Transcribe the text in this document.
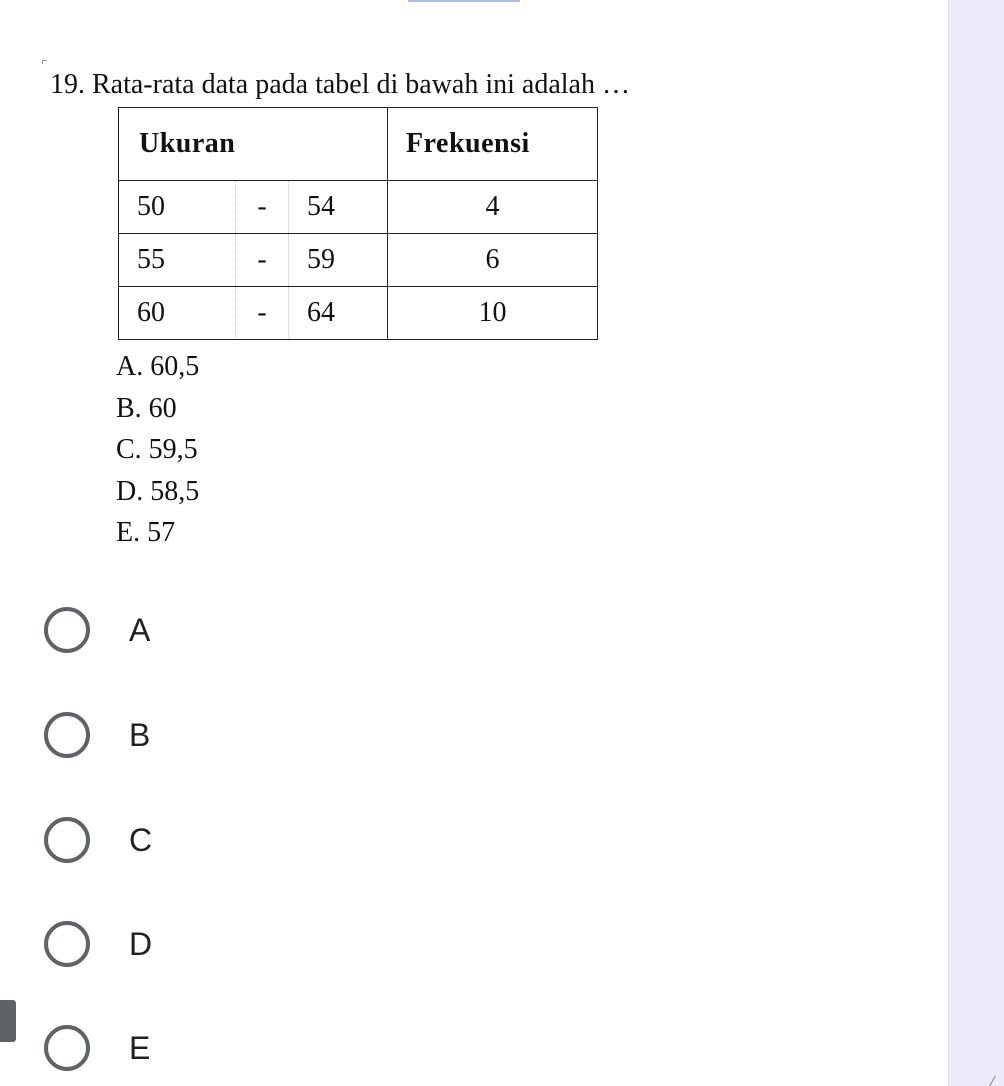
19. Rata-rata data pada tabel di bawah ini adalah …
Ukuran			Frekuensi
50	-	54	4
55	-	59	6
60	-	64	10
A. 60,5
B. 60
C. 59,5
D. 58,5
E. 57
A
B
C
D
E
